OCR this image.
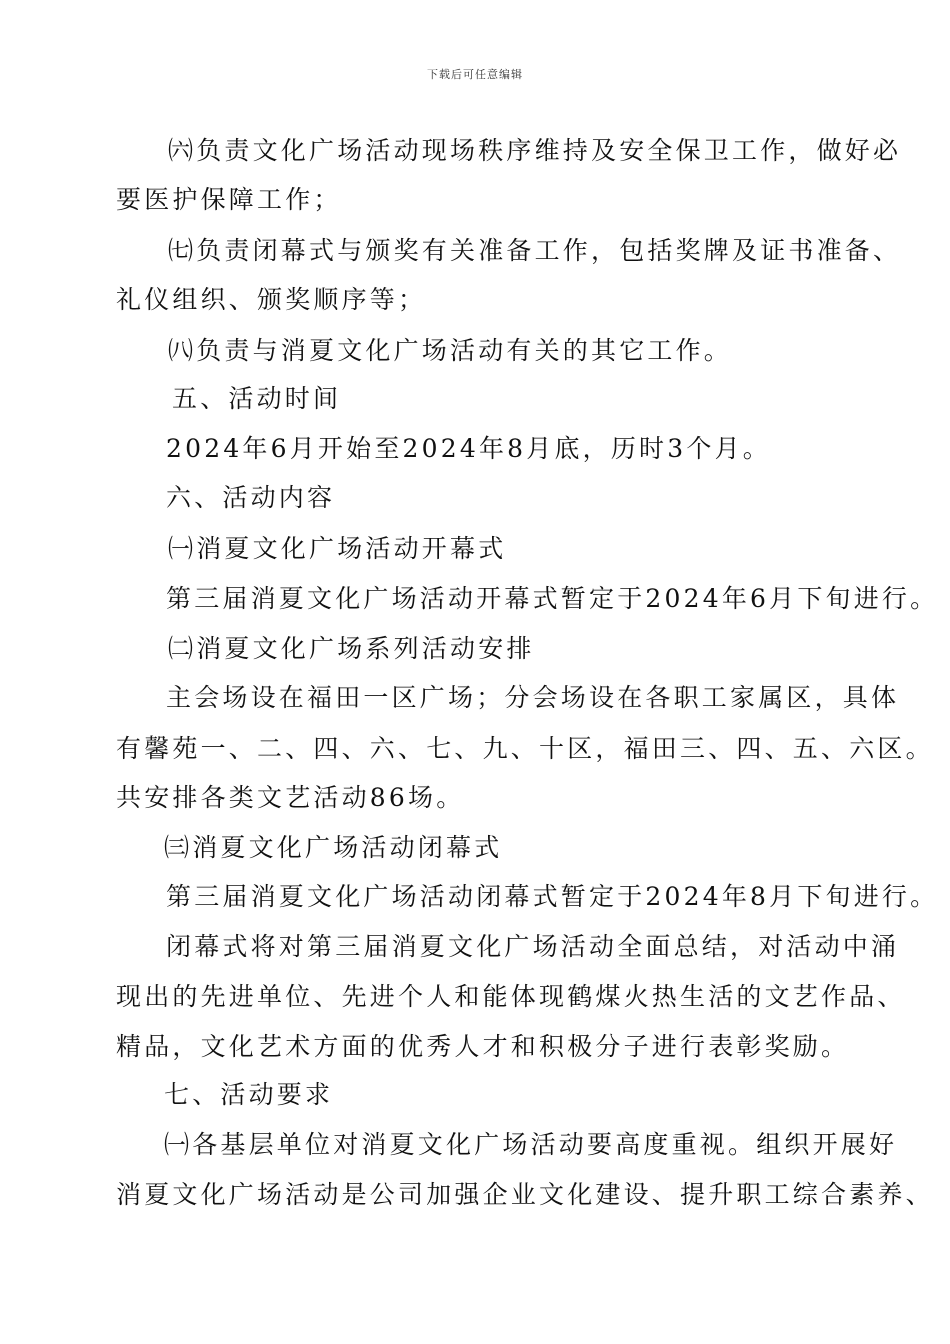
下载后可任意编辑
㈥负责文化广场活动现场秩序维持及安全保卫工作，做好必
要医护保障工作；
㈦负责闭幕式与颁奖有关准备工作，包括奖牌及证书准备、
礼仪组织、颁奖顺序等；
㈧负责与消夏文化广场活动有关的其它工作。
五、活动时间
2024年6月开始至2024年8月底，历时3个月。
六、活动内容
㈠消夏文化广场活动开幕式
第三届消夏文化广场活动开幕式暂定于2024年6月下旬进行。
㈡消夏文化广场系列活动安排
主会场设在福田一区广场；分会场设在各职工家属区，具体
有馨苑一、二、四、六、七、九、十区，福田三、四、五、六区。
共安排各类文艺活动86场。
㈢消夏文化广场活动闭幕式
第三届消夏文化广场活动闭幕式暂定于2024年8月下旬进行。
闭幕式将对第三届消夏文化广场活动全面总结，对活动中涌
现出的先进单位、先进个人和能体现鹤煤火热生活的文艺作品、
精品，文化艺术方面的优秀人才和积极分子进行表彰奖励。
七、活动要求
㈠各基层单位对消夏文化广场活动要高度重视。组织开展好
消夏文化广场活动是公司加强企业文化建设、提升职工综合素养、
